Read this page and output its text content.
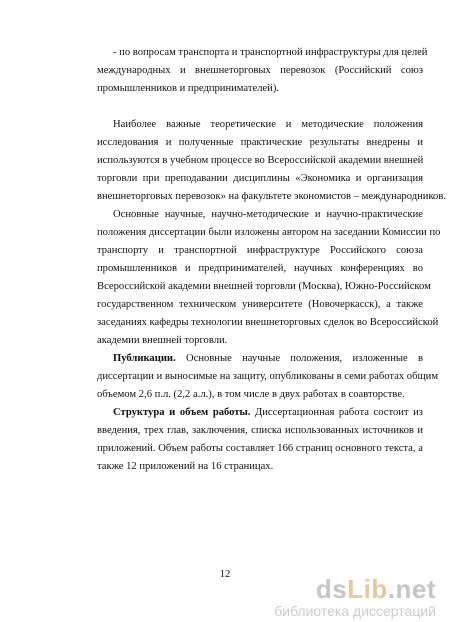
- по вопросам транспорта и транспортной инфраструктуры для целей
международных и внешнеторговых перевозок (Российский союз
промышленников и предпринимателей).
Наиболее важные теоретические и методические положения
исследования и полученные практические результаты внедрены и
используются в учебном процессе во Всероссийской академии внешней
торговли при преподавании дисциплины «Экономика и организация
внешнеторговых перевозок» на факультете экономистов – международников.
Основные научные, научно-методические и научно-практические
положения диссертации были изложены автором на заседании Комиссии по
транспорту и транспортной инфраструктуре Российского союза
промышленников и предпринимателей, научных конференциях во
Всероссийской академии внешней торговли (Москва), Южно-Российском
государственном техническом университете (Новочеркасск), а также
заседаниях кафедры технологии внешнеторговых сделок во Всероссийской
академии внешней торговли.
Публикации. Основные научные положения, изложенные в
диссертации и выносимые на защиту, опубликованы в семи работах общим
объемом 2,6 п.л. (2,2 а.л.), в том числе в двух работах в соавторстве.
Структура и объем работы. Диссертационная работа состоит из
введения, трех глав, заключения, списка использованных источников и
приложений. Объем работы составляет 166 страниц основного текста, а
также 12 приложений на 16 страницах.
12	dsLib.net
библиотека диссертаций
